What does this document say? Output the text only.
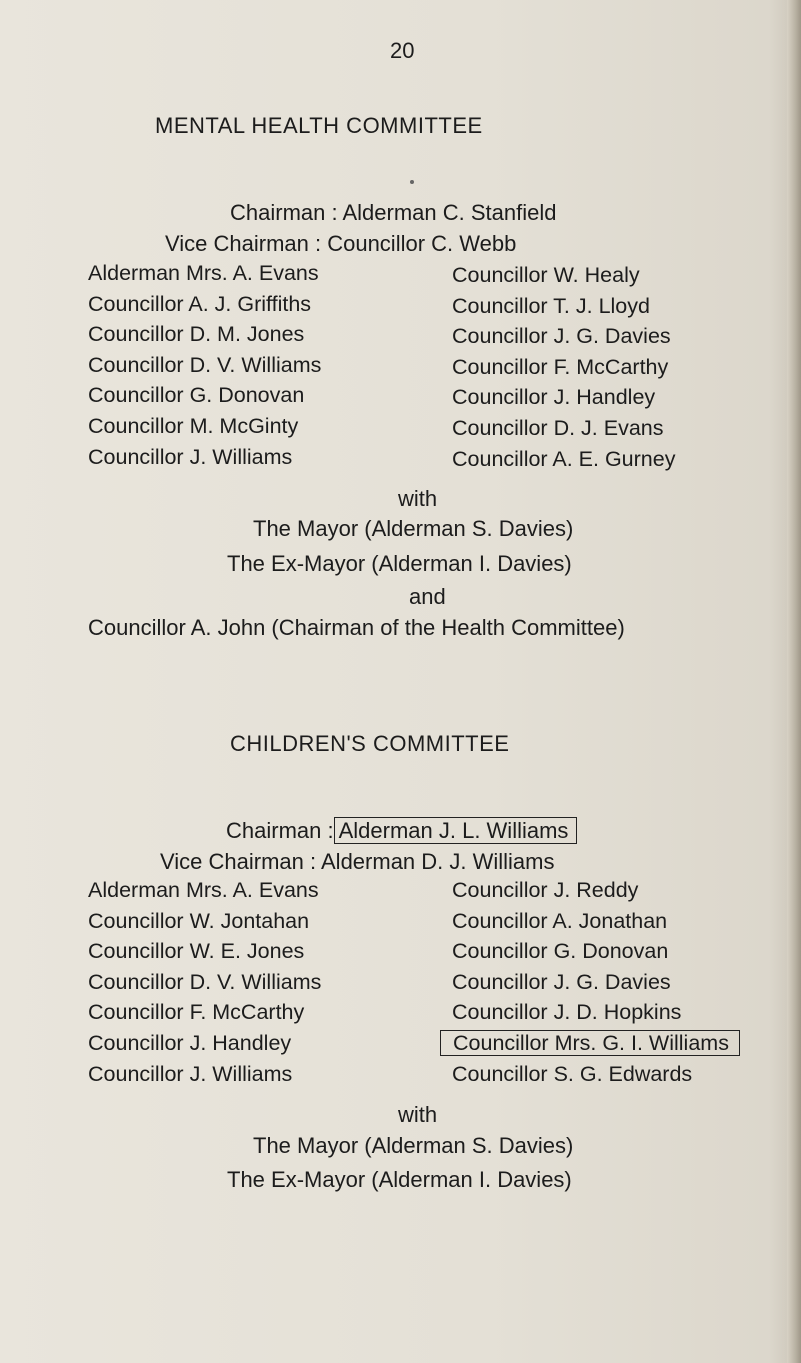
20
MENTAL HEALTH COMMITTEE
Chairman : Alderman C. Stanfield
Vice Chairman : Councillor C. Webb
Alderman Mrs. A. Evans
Councillor A. J. Griffiths
Councillor D. M. Jones
Councillor D. V. Williams
Councillor G. Donovan
Councillor M. McGinty
Councillor J. Williams
Councillor W. Healy
Councillor T. J. Lloyd
Councillor J. G. Davies
Councillor F. McCarthy
Councillor J. Handley
Councillor D. J. Evans
Councillor A. E. Gurney
with
The Mayor (Alderman S. Davies)
The Ex-Mayor (Alderman I. Davies)
and
Councillor A. John (Chairman of the Health Committee)
CHILDREN'S COMMITTEE
Chairman : Alderman J. L. Williams
Vice Chairman : Alderman D. J. Williams
Alderman Mrs. A. Evans
Councillor W. Jontahan
Councillor W. E. Jones
Councillor D. V. Williams
Councillor F. McCarthy
Councillor J. Handley
Councillor J. Williams
Councillor J. Reddy
Councillor A. Jonathan
Councillor G. Donovan
Councillor J. G. Davies
Councillor J. D. Hopkins
Councillor Mrs. G. I. Williams
Councillor S. G. Edwards
with
The Mayor (Alderman S. Davies)
The Ex-Mayor (Alderman I. Davies)
